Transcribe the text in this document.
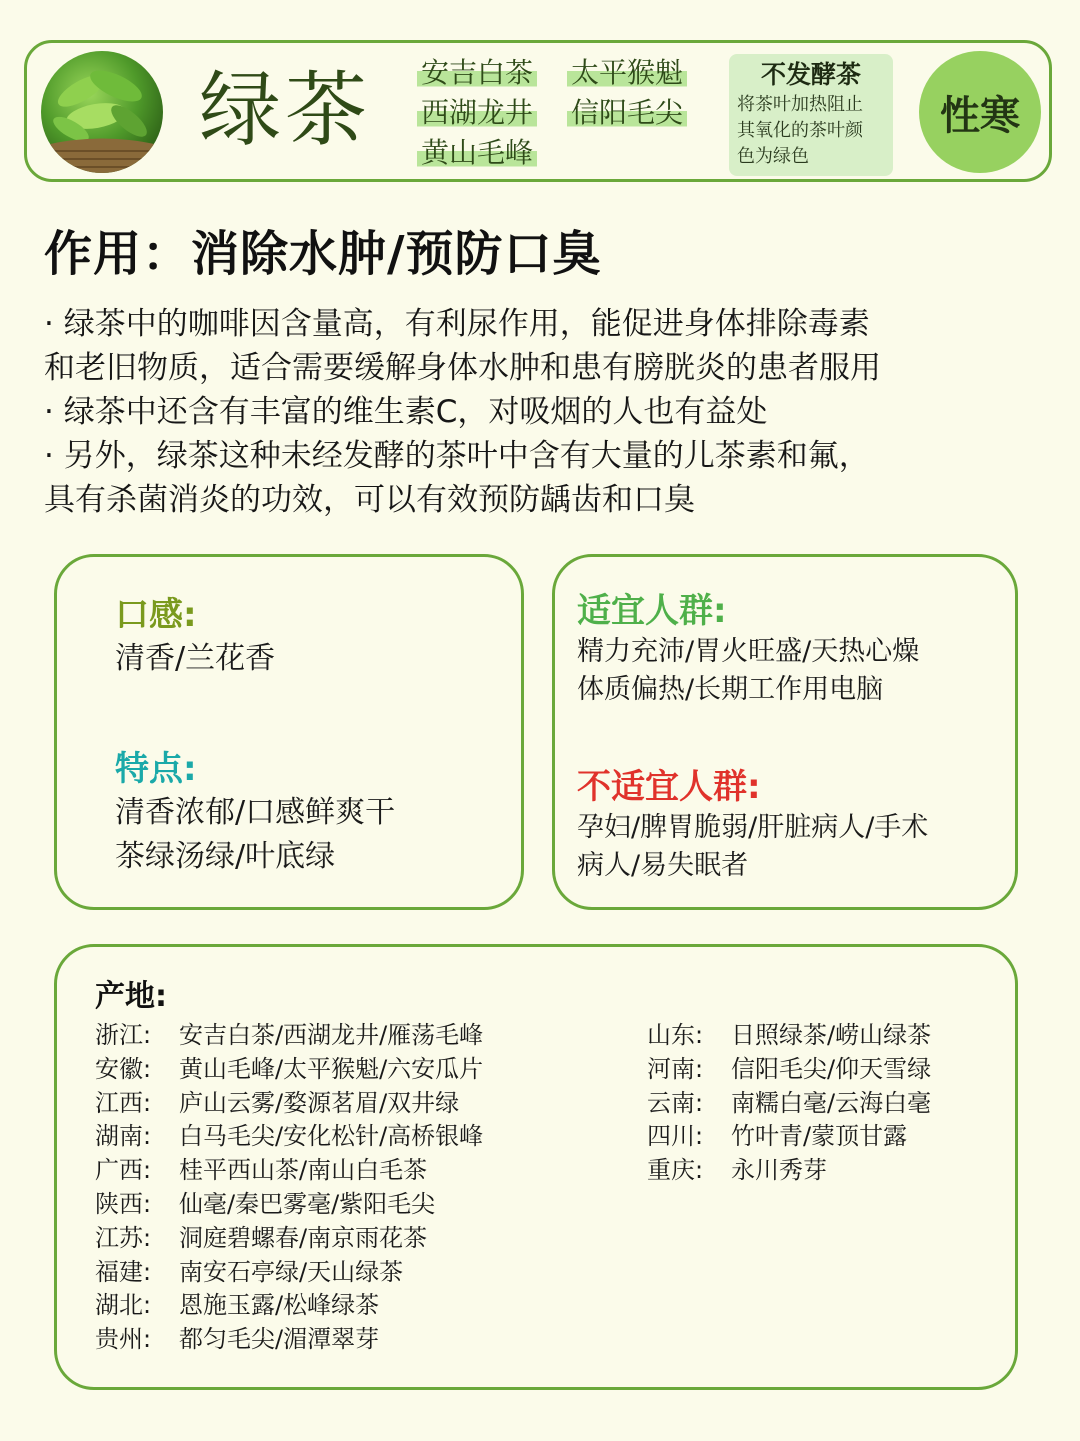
绿茶 安吉白茶 太平猴魁
西湖龙井 信阳毛尖
黄山毛峰
不发酵茶
将茶叶加热阻止
其氧化的茶叶颜
色为绿色
性寒
作用：消除水肿/预防口臭
· 绿茶中的咖啡因含量高，有利尿作用，能促进身体排除毒素
和老旧物质，适合需要缓解身体水肿和患有膀胱炎的患者服用
· 绿茶中还含有丰富的维生素C，对吸烟的人也有益处
· 另外，绿茶这种未经发酵的茶叶中含有大量的儿茶素和氟，
具有杀菌消炎的功效，可以有效预防龋齿和口臭
口感:
清香/兰花香
特点:
清香浓郁/口感鲜爽干
茶绿汤绿/叶底绿
适宜人群:
精力充沛/胃火旺盛/天热心燥
体质偏热/长期工作用电脑
不适宜人群:
孕妇/脾胃脆弱/肝脏病人/手术
病人/易失眠者
产地:
浙江: 安吉白茶/西湖龙井/雁荡毛峰
安徽: 黄山毛峰/太平猴魁/六安瓜片
江西: 庐山云雾/婺源茗眉/双井绿
湖南: 白马毛尖/安化松针/高桥银峰
广西: 桂平西山茶/南山白毛茶
陕西: 仙毫/秦巴雾毫/紫阳毛尖
江苏: 洞庭碧螺春/南京雨花茶
福建: 南安石亭绿/天山绿茶
湖北: 恩施玉露/松峰绿茶
贵州: 都匀毛尖/湄潭翠芽
山东: 日照绿茶/崂山绿茶
河南: 信阳毛尖/仰天雪绿
云南: 南糯白毫/云海白毫
四川: 竹叶青/蒙顶甘露
重庆: 永川秀芽
